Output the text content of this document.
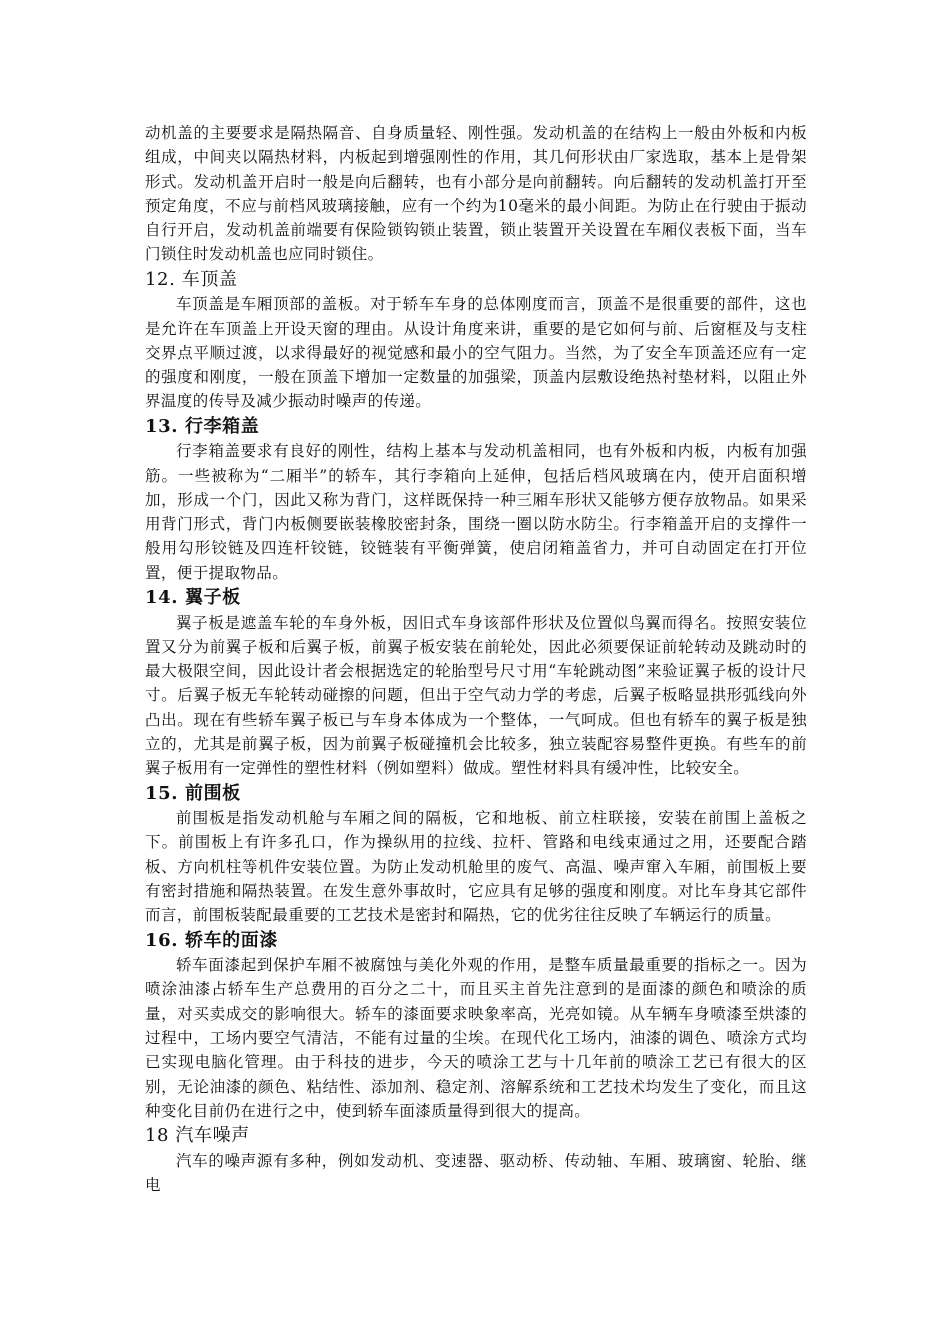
动机盖的主要要求是隔热隔音、自身质量轻、刚性强。发动机盖的在结构上一般由外板和内板组成，中间夹以隔热材料，内板起到增强刚性的作用，其几何形状由厂家选取，基本上是骨架形式。发动机盖开启时一般是向后翻转，也有小部分是向前翻转。向后翻转的发动机盖打开至预定角度，不应与前档风玻璃接触，应有一个约为10毫米的最小间距。为防止在行驶由于振动自行开启，发动机盖前端要有保险锁钩锁止装置，锁止装置开关设置在车厢仪表板下面，当车门锁住时发动机盖也应同时锁住。

12. 车顶盖

车顶盖是车厢顶部的盖板。对于轿车车身的总体刚度而言，顶盖不是很重要的部件，这也是允许在车顶盖上开设天窗的理由。从设计角度来讲，重要的是它如何与前、后窗框及与支柱交界点平顺过渡，以求得最好的视觉感和最小的空气阻力。当然，为了安全车顶盖还应有一定的强度和刚度，一般在顶盖下增加一定数量的加强梁，顶盖内层敷设绝热衬垫材料，以阻止外界温度的传导及减少振动时噪声的传递。

13. 行李箱盖

行李箱盖要求有良好的刚性，结构上基本与发动机盖相同，也有外板和内板，内板有加强筋。一些被称为“二厢半”的轿车，其行李箱向上延伸，包括后档风玻璃在内，使开启面积增加，形成一个门，因此又称为背门，这样既保持一种三厢车形状又能够方便存放物品。如果采用背门形式，背门内板侧要嵌装橡胶密封条，围绕一圈以防水防尘。行李箱盖开启的支撑件一般用勾形铰链及四连杆铰链，铰链装有平衡弹簧，使启闭箱盖省力，并可自动固定在打开位置，便于提取物品。

14. 翼子板

翼子板是遮盖车轮的车身外板，因旧式车身该部件形状及位置似鸟翼而得名。按照安装位置又分为前翼子板和后翼子板，前翼子板安装在前轮处，因此必须要保证前轮转动及跳动时的最大极限空间，因此设计者会根据选定的轮胎型号尺寸用“车轮跳动图”来验证翼子板的设计尺寸。后翼子板无车轮转动碰擦的问题，但出于空气动力学的考虑，后翼子板略显拱形弧线向外凸出。现在有些轿车翼子板已与车身本体成为一个整体，一气呵成。但也有轿车的翼子板是独立的，尤其是前翼子板，因为前翼子板碰撞机会比较多，独立装配容易整件更换。有些车的前翼子板用有一定弹性的塑性材料（例如塑料）做成。塑性材料具有缓冲性，比较安全。

15. 前围板

前围板是指发动机舱与车厢之间的隔板，它和地板、前立柱联接，安装在前围上盖板之下。前围板上有许多孔口，作为操纵用的拉线、拉杆、管路和电线束通过之用，还要配合踏板、方向机柱等机件安装位置。为防止发动机舱里的废气、高温、噪声窜入车厢，前围板上要有密封措施和隔热装置。在发生意外事故时，它应具有足够的强度和刚度。对比车身其它部件而言，前围板装配最重要的工艺技术是密封和隔热，它的优劣往往反映了车辆运行的质量。

16. 轿车的面漆

轿车面漆起到保护车厢不被腐蚀与美化外观的作用，是整车质量最重要的指标之一。因为喷涂油漆占轿车生产总费用的百分之二十，而且买主首先注意到的是面漆的颜色和喷涂的质量，对买卖成交的影响很大。轿车的漆面要求映象率高，光亮如镜。从车辆车身喷漆至烘漆的过程中，工场内要空气清洁，不能有过量的尘埃。在现代化工场内，油漆的调色、喷涂方式均已实现电脑化管理。由于科技的进步，今天的喷涂工艺与十几年前的喷涂工艺已有很大的区别，无论油漆的颜色、粘结性、添加剂、稳定剂、溶解系统和工艺技术均发生了变化，而且这种变化目前仍在进行之中，使到轿车面漆质量得到很大的提高。

18 汽车噪声

汽车的噪声源有多种，例如发动机、变速器、驱动桥、传动轴、车厢、玻璃窗、轮胎、继电
